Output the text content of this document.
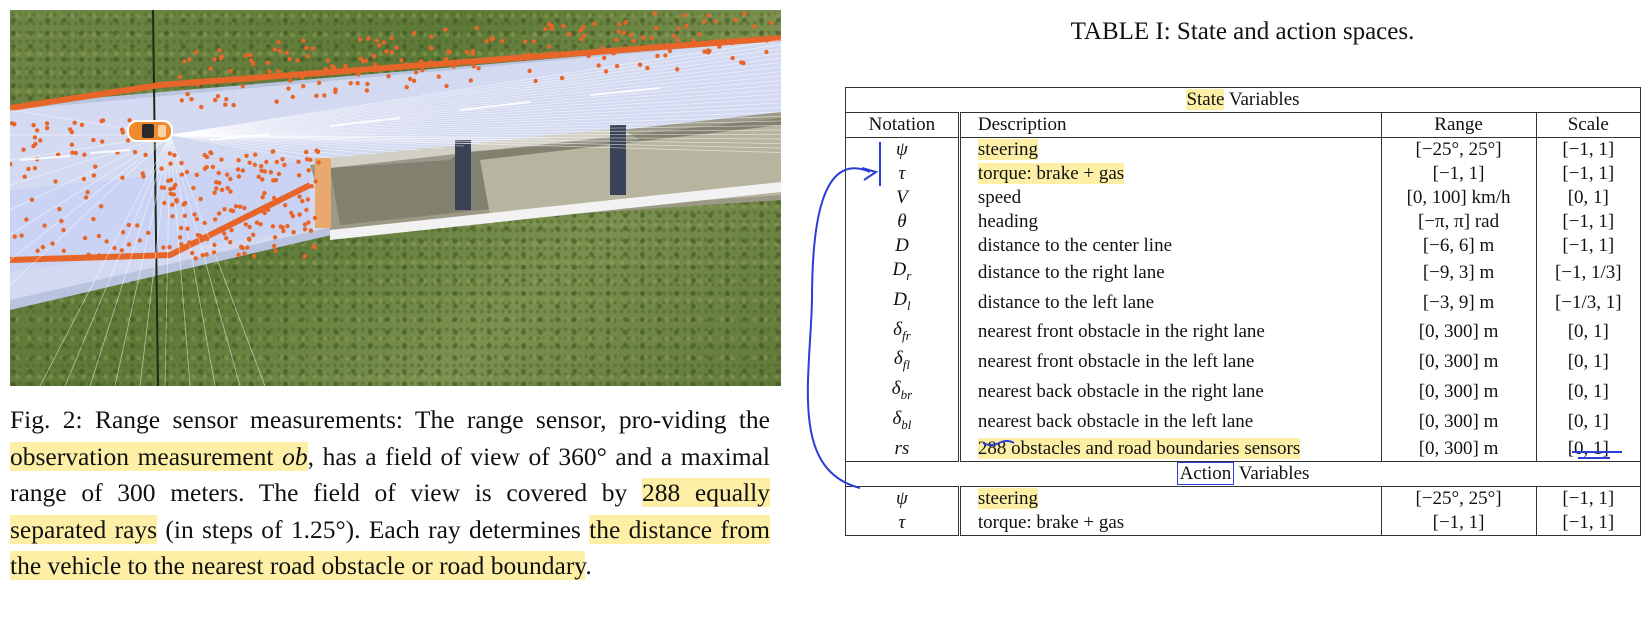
Fig. 2: Range sensor measurements: The range sensor, pro-viding the observation measurement ob, has a field of view of 360° and a maximal range of 300 meters. The field of view is covered by 288 equally separated rays (in steps of 1.25°). Each ray determines the distance from the vehicle to the nearest road obstacle or road boundary.
TABLE I: State and action spaces.
State Variables			
Notation	Description	Range	Scale
ψ	steering	[−25°, 25°]	[−1, 1]
τ	torque: brake + gas	[−1, 1]	[−1, 1]
V	speed	[0, 100] km/h	[0, 1]
θ	heading	[−π, π] rad	[−1, 1]
D	distance to the center line	[−6, 6] m	[−1, 1]
$D_r$	distance to the right lane	[−9, 3] m	[−1, 1/3]
$D_l$	distance to the left lane	[−3, 9] m	[−1/3, 1]
$\delta_{fr}$	nearest front obstacle in the right lane	[0, 300] m	[0, 1]
$\delta_{fl}$	nearest front obstacle in the left lane	[0, 300] m	[0, 1]
$\delta_{br}$	nearest back obstacle in the right lane	[0, 300] m	[0, 1]
$\delta_{bl}$	nearest back obstacle in the left lane	[0, 300] m	[0, 1]
rs	288 obstacles and road boundaries sensors	[0, 300] m	[0, 1]
Action Variables			
ψ	steering	[−25°, 25°]	[−1, 1]
τ	torque: brake + gas	[−1, 1]	[−1, 1]
